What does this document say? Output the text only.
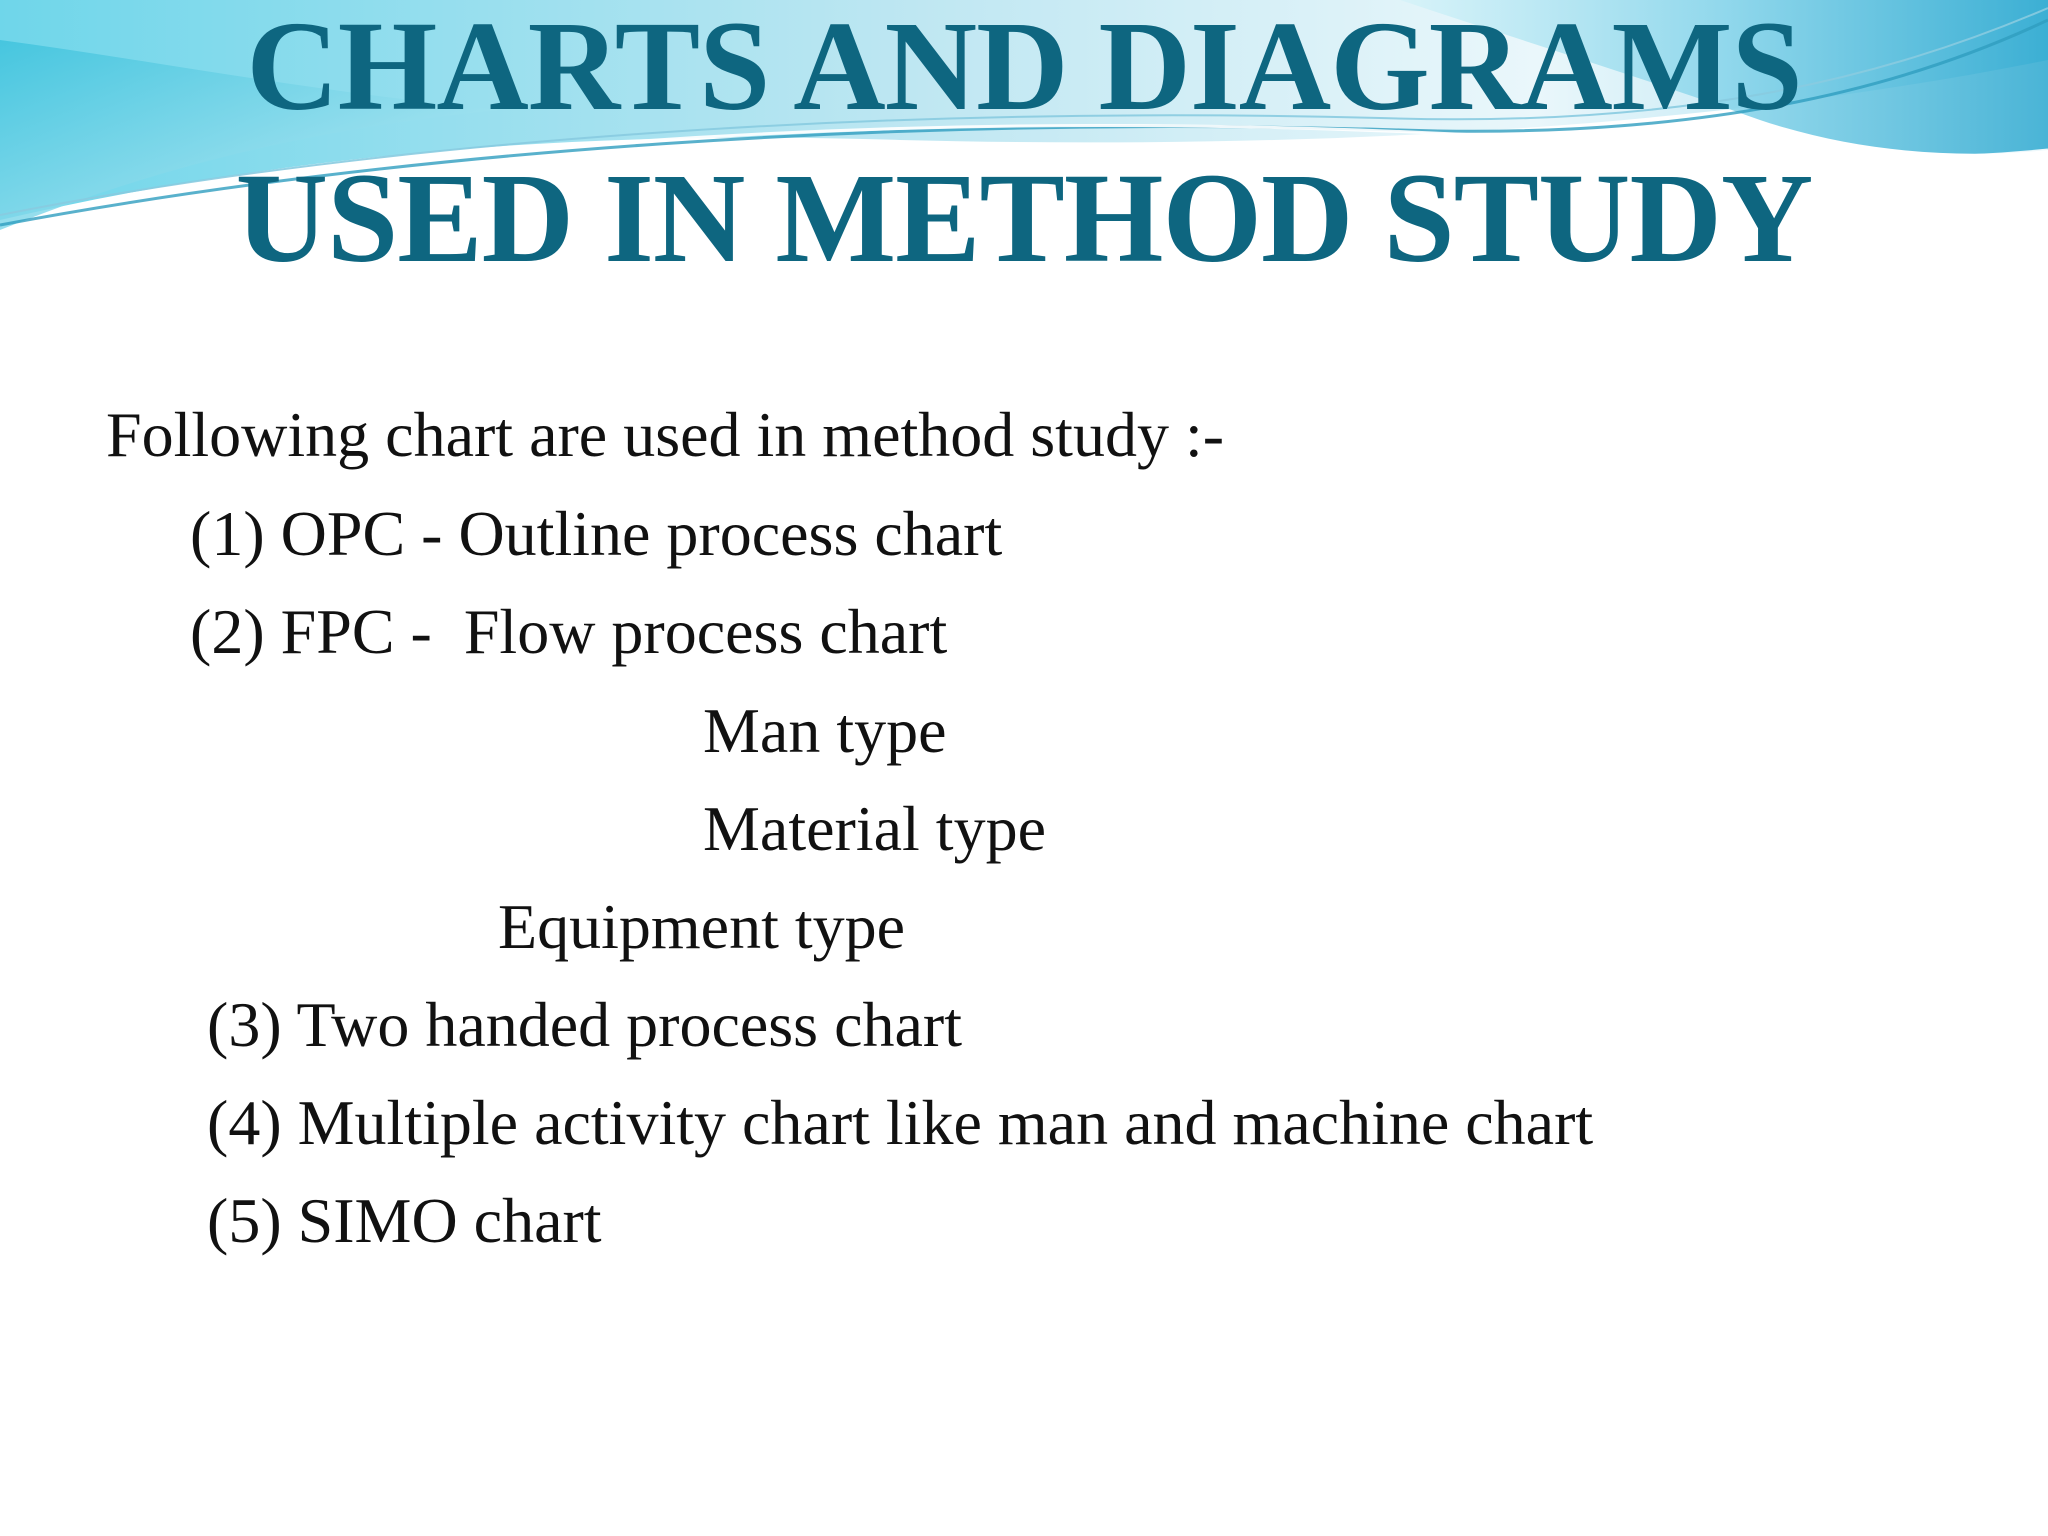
CHARTS AND DIAGRAMS
USED IN METHOD STUDY
Following chart are used in method study :-
(1) OPC - Outline process chart
(2) FPC -  Flow process chart
Man type
Material type
Equipment type
(3) Two handed process chart
(4) Multiple activity chart like man and machine chart
(5) SIMO chart
